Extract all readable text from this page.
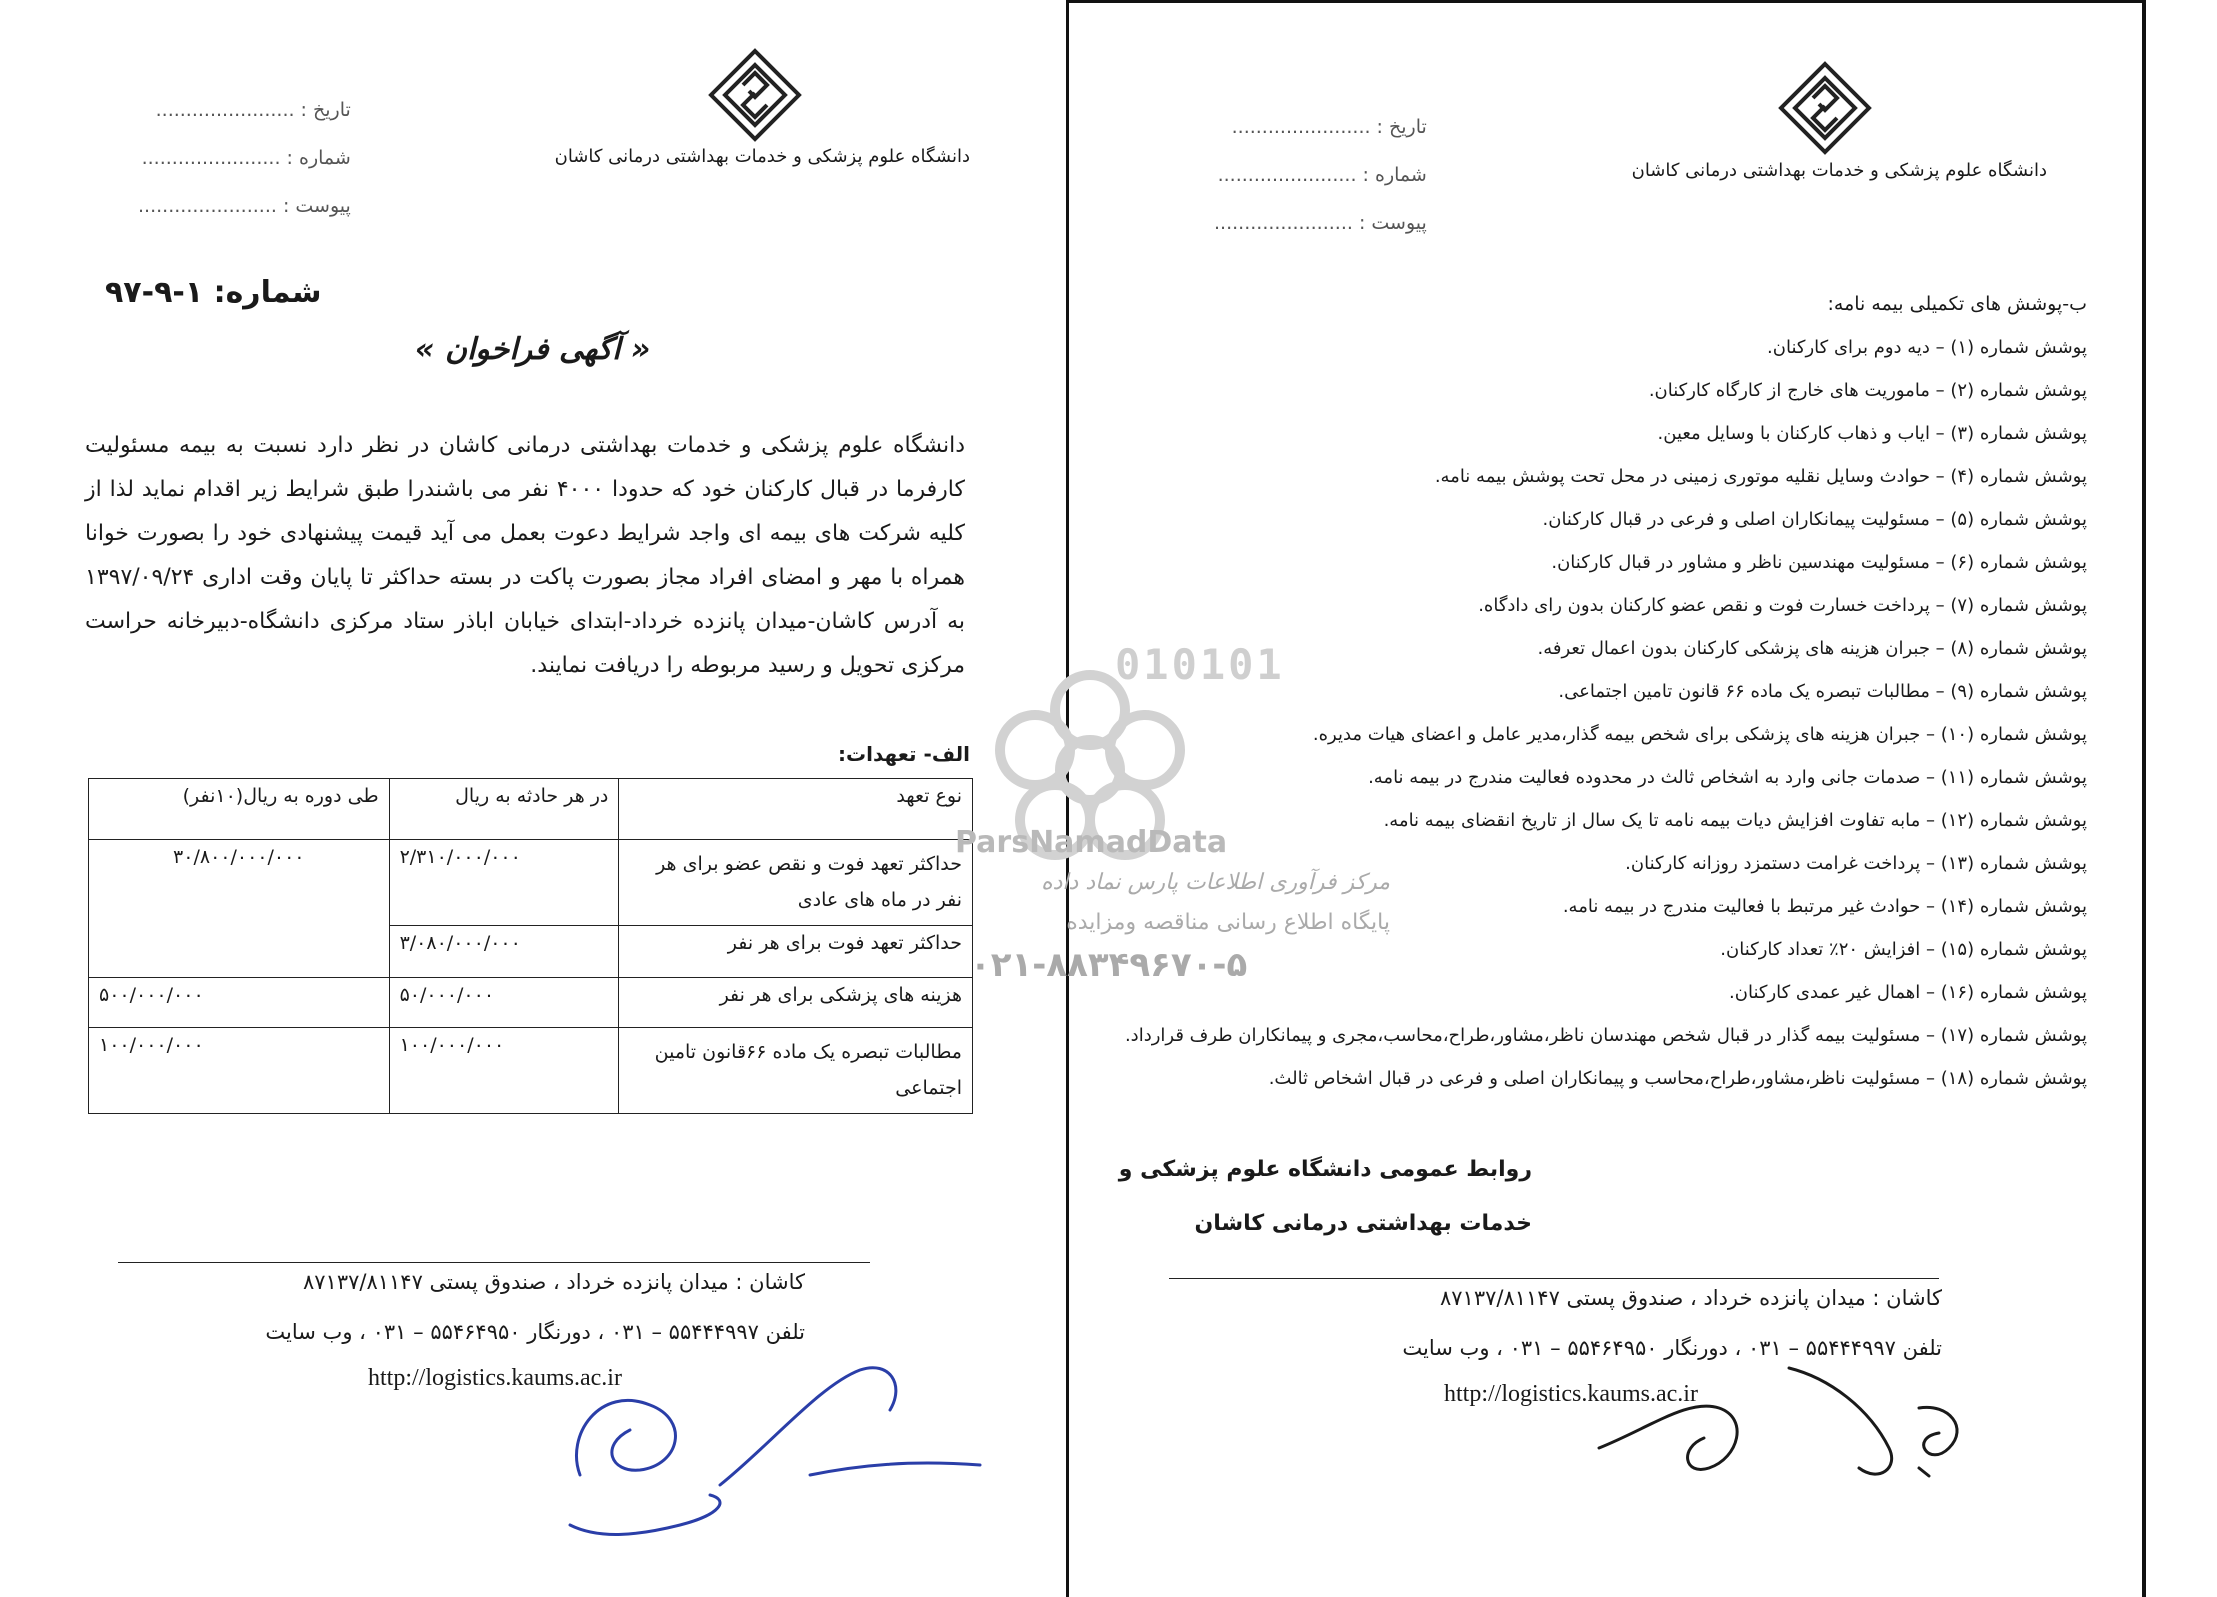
دانشگاه علوم پزشکی و خدمات بهداشتی درمانی کاشان
تاریخ : .......................
شماره : .......................
پیوست : .......................
شماره: ۱-۹-۹۷
« آگهی فراخوان »
دانشگاه علوم پزشکی و خدمات بهداشتی درمانی کاشان در نظر دارد نسبت به بیمه مسئولیت کارفرما در قبال کارکنان خود که حدودا ۴۰۰۰ نفر می باشندرا طبق شرایط زیر اقدام نماید لذا از کلیه شرکت های بیمه ای واجد شرایط دعوت بعمل می آید قیمت پیشنهادی خود را بصورت خوانا همراه با مهر و امضای افراد مجاز بصورت پاکت در بسته حداکثر تا پایان وقت اداری ۱۳۹۷/۰۹/۲۴ به آدرس کاشان-میدان پانزده خرداد-ابتدای خیابان اباذر ستاد مرکزی دانشگاه-دبیرخانه حراست مرکزی تحویل و رسید مربوطه را دریافت نمایند.
الف- تعهدات:
نوع تعهد	در هر حادثه به ریال	طی دوره به ریال(۱۰نفر)
حداکثر تعهد فوت و نقص عضو برای هر نفر در ماه های عادی	۲/۳۱۰/۰۰۰/۰۰۰	۳۰/۸۰۰/۰۰۰/۰۰۰
حداکثر تعهد فوت برای هر نفر	۳/۰۸۰/۰۰۰/۰۰۰	
هزینه های پزشکی برای هر نفر	۵۰/۰۰۰/۰۰۰	۵۰۰/۰۰۰/۰۰۰
مطالبات تبصره یک ماده ۶۶قانون تامین اجتماعی	۱۰۰/۰۰۰/۰۰۰	۱۰۰/۰۰۰/۰۰۰
کاشان : میدان پانزده خرداد ، صندوق پستی ۸۷۱۳۷/۸۱۱۴۷
تلفن ۵۵۴۴۴۹۹۷ – ۰۳۱ ، دورنگار ۵۵۴۶۴۹۵۰ – ۰۳۱ ، وب سایت
http://logistics.kaums.ac.ir
دانشگاه علوم پزشکی و خدمات بهداشتی درمانی کاشان
تاریخ : .......................
شماره : .......................
پیوست : .......................
ب-پوشش های تکمیلی بیمه نامه:
پوشش شماره (۱) – دیه دوم برای کارکنان.
پوشش شماره (۲) – ماموریت های خارج از کارگاه کارکنان.
پوشش شماره (۳) – ایاب و ذهاب کارکنان با وسایل معین.
پوشش شماره (۴) – حوادث وسایل نقلیه موتوری زمینی در محل تحت پوشش بیمه نامه.
پوشش شماره (۵) – مسئولیت پیمانکاران اصلی و فرعی در قبال کارکنان.
پوشش شماره (۶) – مسئولیت مهندسین ناظر و مشاور در قبال کارکنان.
پوشش شماره (۷) – پرداخت خسارت فوت و نقص عضو کارکنان بدون رای دادگاه.
پوشش شماره (۸) – جبران هزینه های پزشکی کارکنان بدون اعمال تعرفه.
پوشش شماره (۹) – مطالبات تبصره یک ماده ۶۶ قانون تامین اجتماعی.
پوشش شماره (۱۰) – جبران هزینه های پزشکی برای شخص بیمه گذار،مدیر عامل و اعضای هیات مدیره.
پوشش شماره (۱۱) – صدمات جانی وارد به اشخاص ثالث در محدوده فعالیت مندرج در بیمه نامه.
پوشش شماره (۱۲) – مابه تفاوت افزایش دیات بیمه نامه تا یک سال از تاریخ انقضای بیمه نامه.
پوشش شماره (۱۳) – پرداخت غرامت دستمزد روزانه کارکنان.
پوشش شماره (۱۴) – حوادث غیر مرتبط با فعالیت مندرج در بیمه نامه.
پوشش شماره (۱۵) – افزایش ۲۰٪ تعداد کارکنان.
پوشش شماره (۱۶) – اهمال غیر عمدی کارکنان.
پوشش شماره (۱۷) – مسئولیت بیمه گذار در قبال شخص مهندسان ناظر،مشاور،طراح،محاسب،مجری و پیمانکاران طرف قرارداد.
پوشش شماره (۱۸) – مسئولیت ناظر،مشاور،طراح،محاسب و پیمانکاران اصلی و فرعی در قبال اشخاص ثالث.
روابط عمومی دانشگاه علوم پزشکی و
خدمات بهداشتی درمانی کاشان
کاشان : میدان پانزده خرداد ، صندوق پستی ۸۷۱۳۷/۸۱۱۴۷
تلفن ۵۵۴۴۴۹۹۷ – ۰۳۱ ، دورنگار ۵۵۴۶۴۹۵۰ – ۰۳۱ ، وب سایت
http://logistics.kaums.ac.ir
010101
ParsNamadData
مرکز فرآوری اطلاعات پارس نماد داده
پایگاه اطلاع رسانی مناقصه ومزایده
۰۲۱-۸۸۳۴۹۶۷۰-۵
